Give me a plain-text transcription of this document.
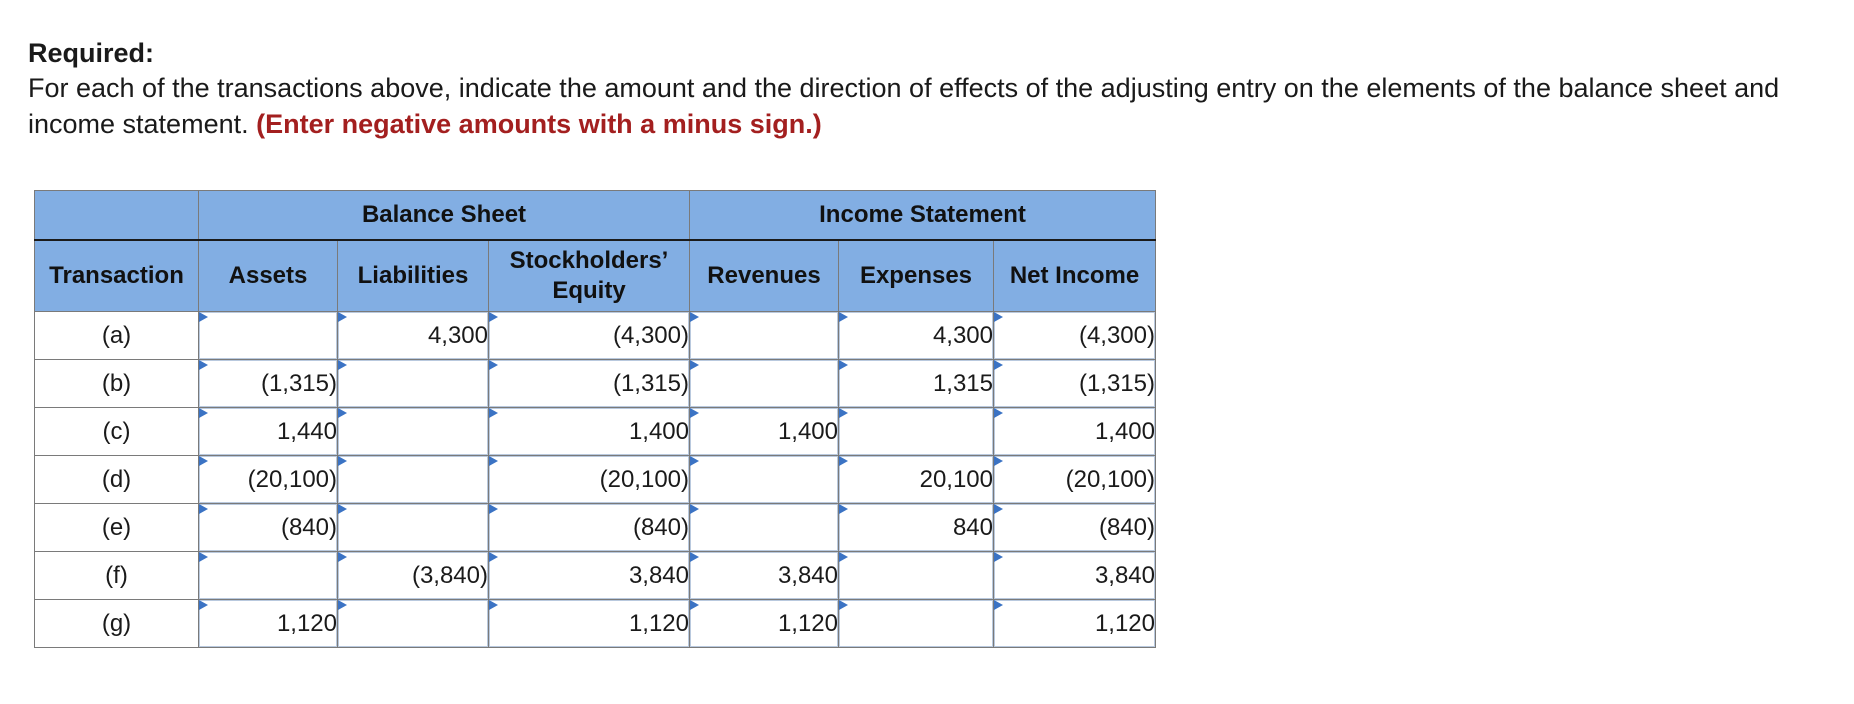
Required:

For each of the transactions above, indicate the amount and the direction of effects of the adjusting entry on the elements of the balance sheet and income statement. (Enter negative amounts with a minus sign.)

	Balance Sheet			Income Statement		
Transaction	Assets	Liabilities	Stockholders’ Equity	Revenues	Expenses	Net Income
(a)		4,300	(4,300)		4,300	(4,300)
(b)	(1,315)		(1,315)		1,315	(1,315)
(c)	1,440		1,400	1,400		1,400
(d)	(20,100)		(20,100)		20,100	(20,100)
(e)	(840)		(840)		840	(840)
(f)		(3,840)	3,840	3,840		3,840
(g)	1,120		1,120	1,120		1,120
